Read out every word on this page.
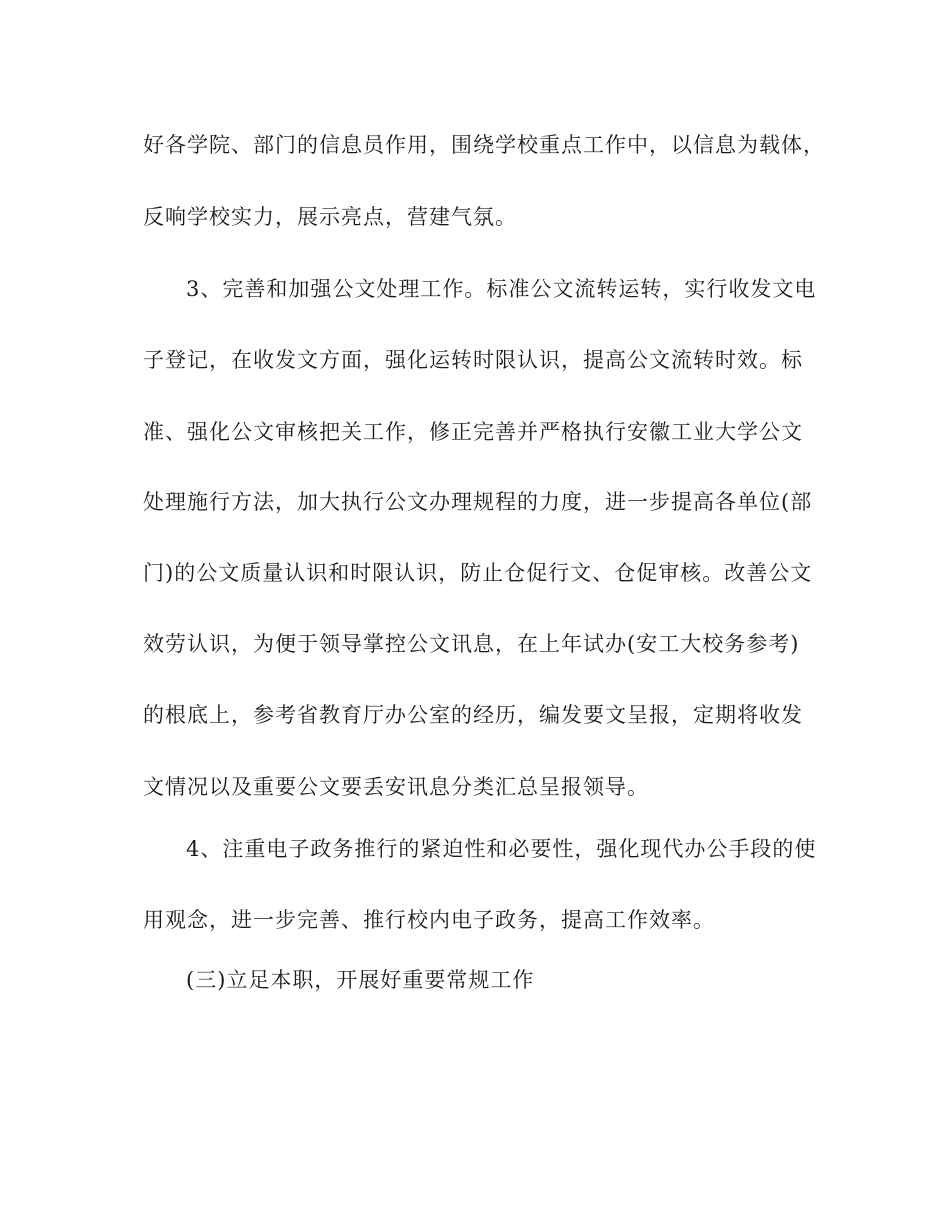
好各学院、部门的信息员作用，围绕学校重点工作中，以信息为载体，
反响学校实力，展示亮点，营建气氛。
3、完善和加强公文处理工作。标准公文流转运转，实行收发文电
子登记，在收发文方面，强化运转时限认识，提高公文流转时效。标
准、强化公文审核把关工作，修正完善并严格执行安徽工业大学公文
处理施行方法，加大执行公文办理规程的力度，进一步提高各单位(部
门)的公文质量认识和时限认识，防止仓促行文、仓促审核。改善公文
效劳认识，为便于领导掌控公文讯息，在上年试办(安工大校务参考)
的根底上，参考省教育厅办公室的经历，编发要文呈报，定期将收发
文情况以及重要公文要丢安讯息分类汇总呈报领导。
4、注重电子政务推行的紧迫性和必要性，强化现代办公手段的使
用观念，进一步完善、推行校内电子政务，提高工作效率。
(三)立足本职，开展好重要常规工作
